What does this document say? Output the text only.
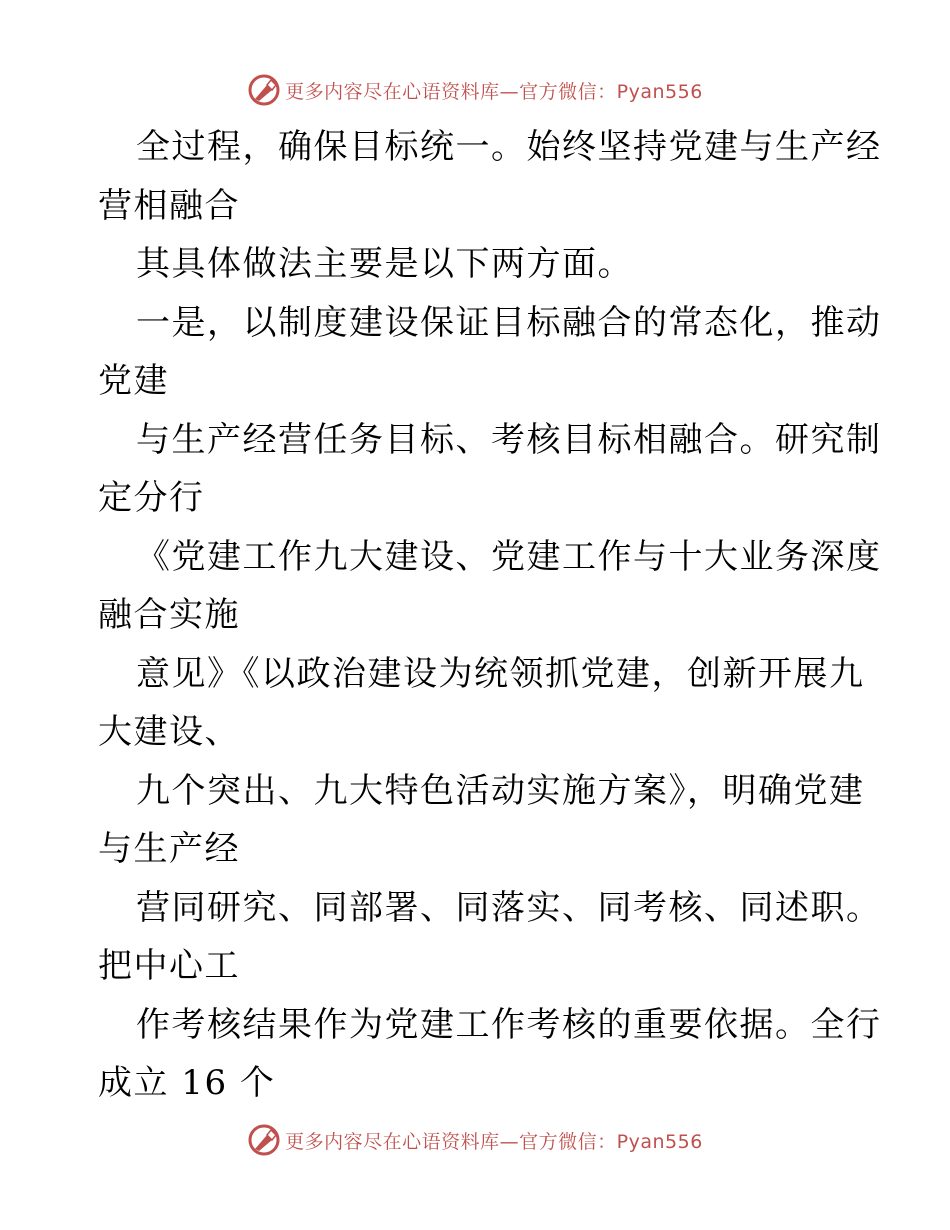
更多内容尽在心语资料库—官方微信：Pyan556
全过程，确保目标统一。始终坚持党建与生产经
营相融合
其具体做法主要是以下两方面。
一是，以制度建设保证目标融合的常态化，推动
党建
与生产经营任务目标、考核目标相融合。研究制
定分行
《党建工作九大建设、党建工作与十大业务深度
融合实施
意见》《以政治建设为统领抓党建，创新开展九
大建设、
九个突出、九大特色活动实施方案》，明确党建
与生产经
营同研究、同部署、同落实、同考核、同述职。
把中心工
作考核结果作为党建工作考核的重要依据。全行
成立 16 个
更多内容尽在心语资料库—官方微信：Pyan556
